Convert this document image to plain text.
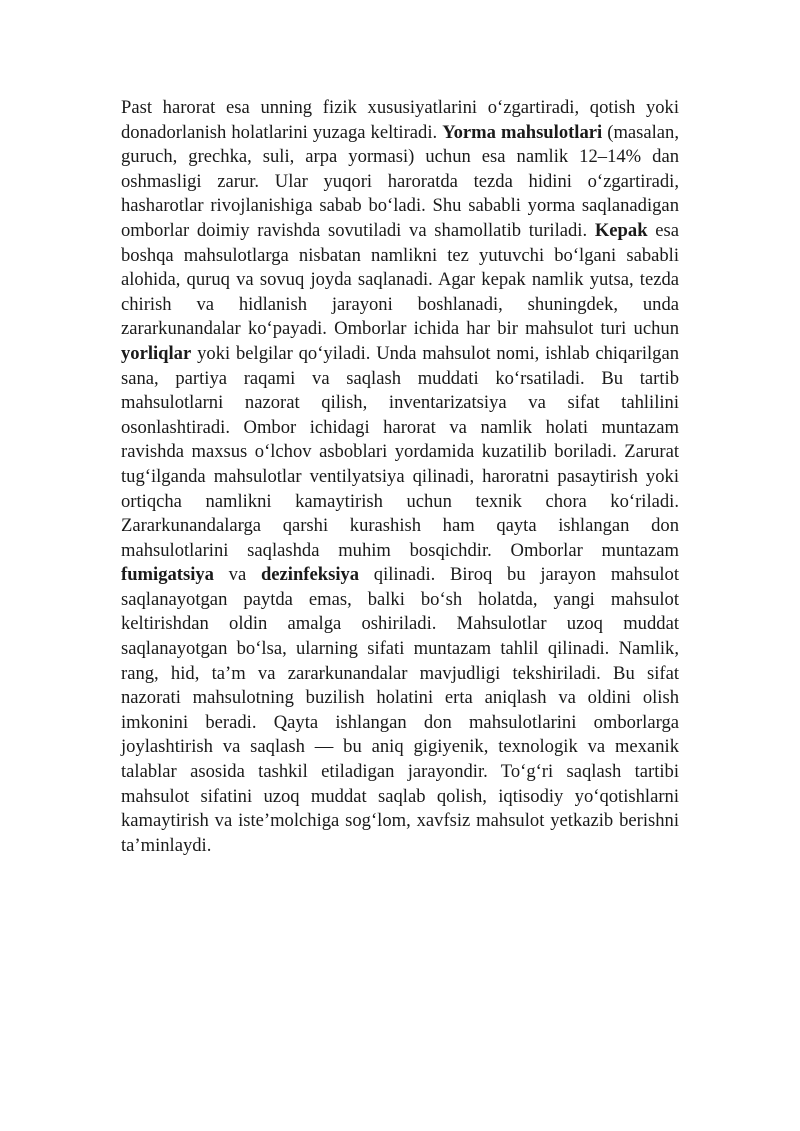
Past harorat esa unning fizik xususiyatlarini o‘zgartiradi, qotish yoki donadorlanish holatlarini yuzaga keltiradi. Yorma mahsulotlari (masalan, guruch, grechka, suli, arpa yormasi) uchun esa namlik 12–14% dan oshmasligi zarur. Ular yuqori haroratda tezda hidini o‘zgartiradi, hasharotlar rivojlanishiga sabab bo‘ladi. Shu sababli yorma saqlanadigan omborlar doimiy ravishda sovutiladi va shamollatib turiladi. Kepak esa boshqa mahsulotlarga nisbatan namlikni tez yutuvchi bo‘lgani sababli alohida, quruq va sovuq joyda saqlanadi. Agar kepak namlik yutsa, tezda chirish va hidlanish jarayoni boshlanadi, shuningdek, unda zararkunandalar ko‘payadi. Omborlar ichida har bir mahsulot turi uchun yorliqlar yoki belgilar qo‘yiladi. Unda mahsulot nomi, ishlab chiqarilgan sana, partiya raqami va saqlash muddati ko‘rsatiladi. Bu tartib mahsulotlarni nazorat qilish, inventarizatsiya va sifat tahlilini osonlashtiradi. Ombor ichidagi harorat va namlik holati muntazam ravishda maxsus o‘lchov asboblari yordamida kuzatilib boriladi. Zarurat tug‘ilganda mahsulotlar ventilyatsiya qilinadi, haroratni pasaytirish yoki ortiqcha namlikni kamaytirish uchun texnik chora ko‘riladi. Zararkunandalarga qarshi kurashish ham qayta ishlangan don mahsulotlarini saqlashda muhim bosqichdir. Omborlar muntazam fumigatsiya va dezinfeksiya qilinadi. Biroq bu jarayon mahsulot saqlanayotgan paytda emas, balki bo‘sh holatda, yangi mahsulot keltirishdan oldin amalga oshiriladi. Mahsulotlar uzoq muddat saqlanayotgan bo‘lsa, ularning sifati muntazam tahlil qilinadi. Namlik, rang, hid, ta’m va zararkunandalar mavjudligi tekshiriladi. Bu sifat nazorati mahsulotning buzilish holatini erta aniqlash va oldini olish imkonini beradi. Qayta ishlangan don mahsulotlarini omborlarga joylashtirish va saqlash — bu aniq gigiyenik, texnologik va mexanik talablar asosida tashkil etiladigan jarayondir. To‘g‘ri saqlash tartibi mahsulot sifatini uzoq muddat saqlab qolish, iqtisodiy yo‘qotishlarni kamaytirish va iste’molchiga sog‘lom, xavfsiz mahsulot yetkazib berishni ta’minlaydi.
